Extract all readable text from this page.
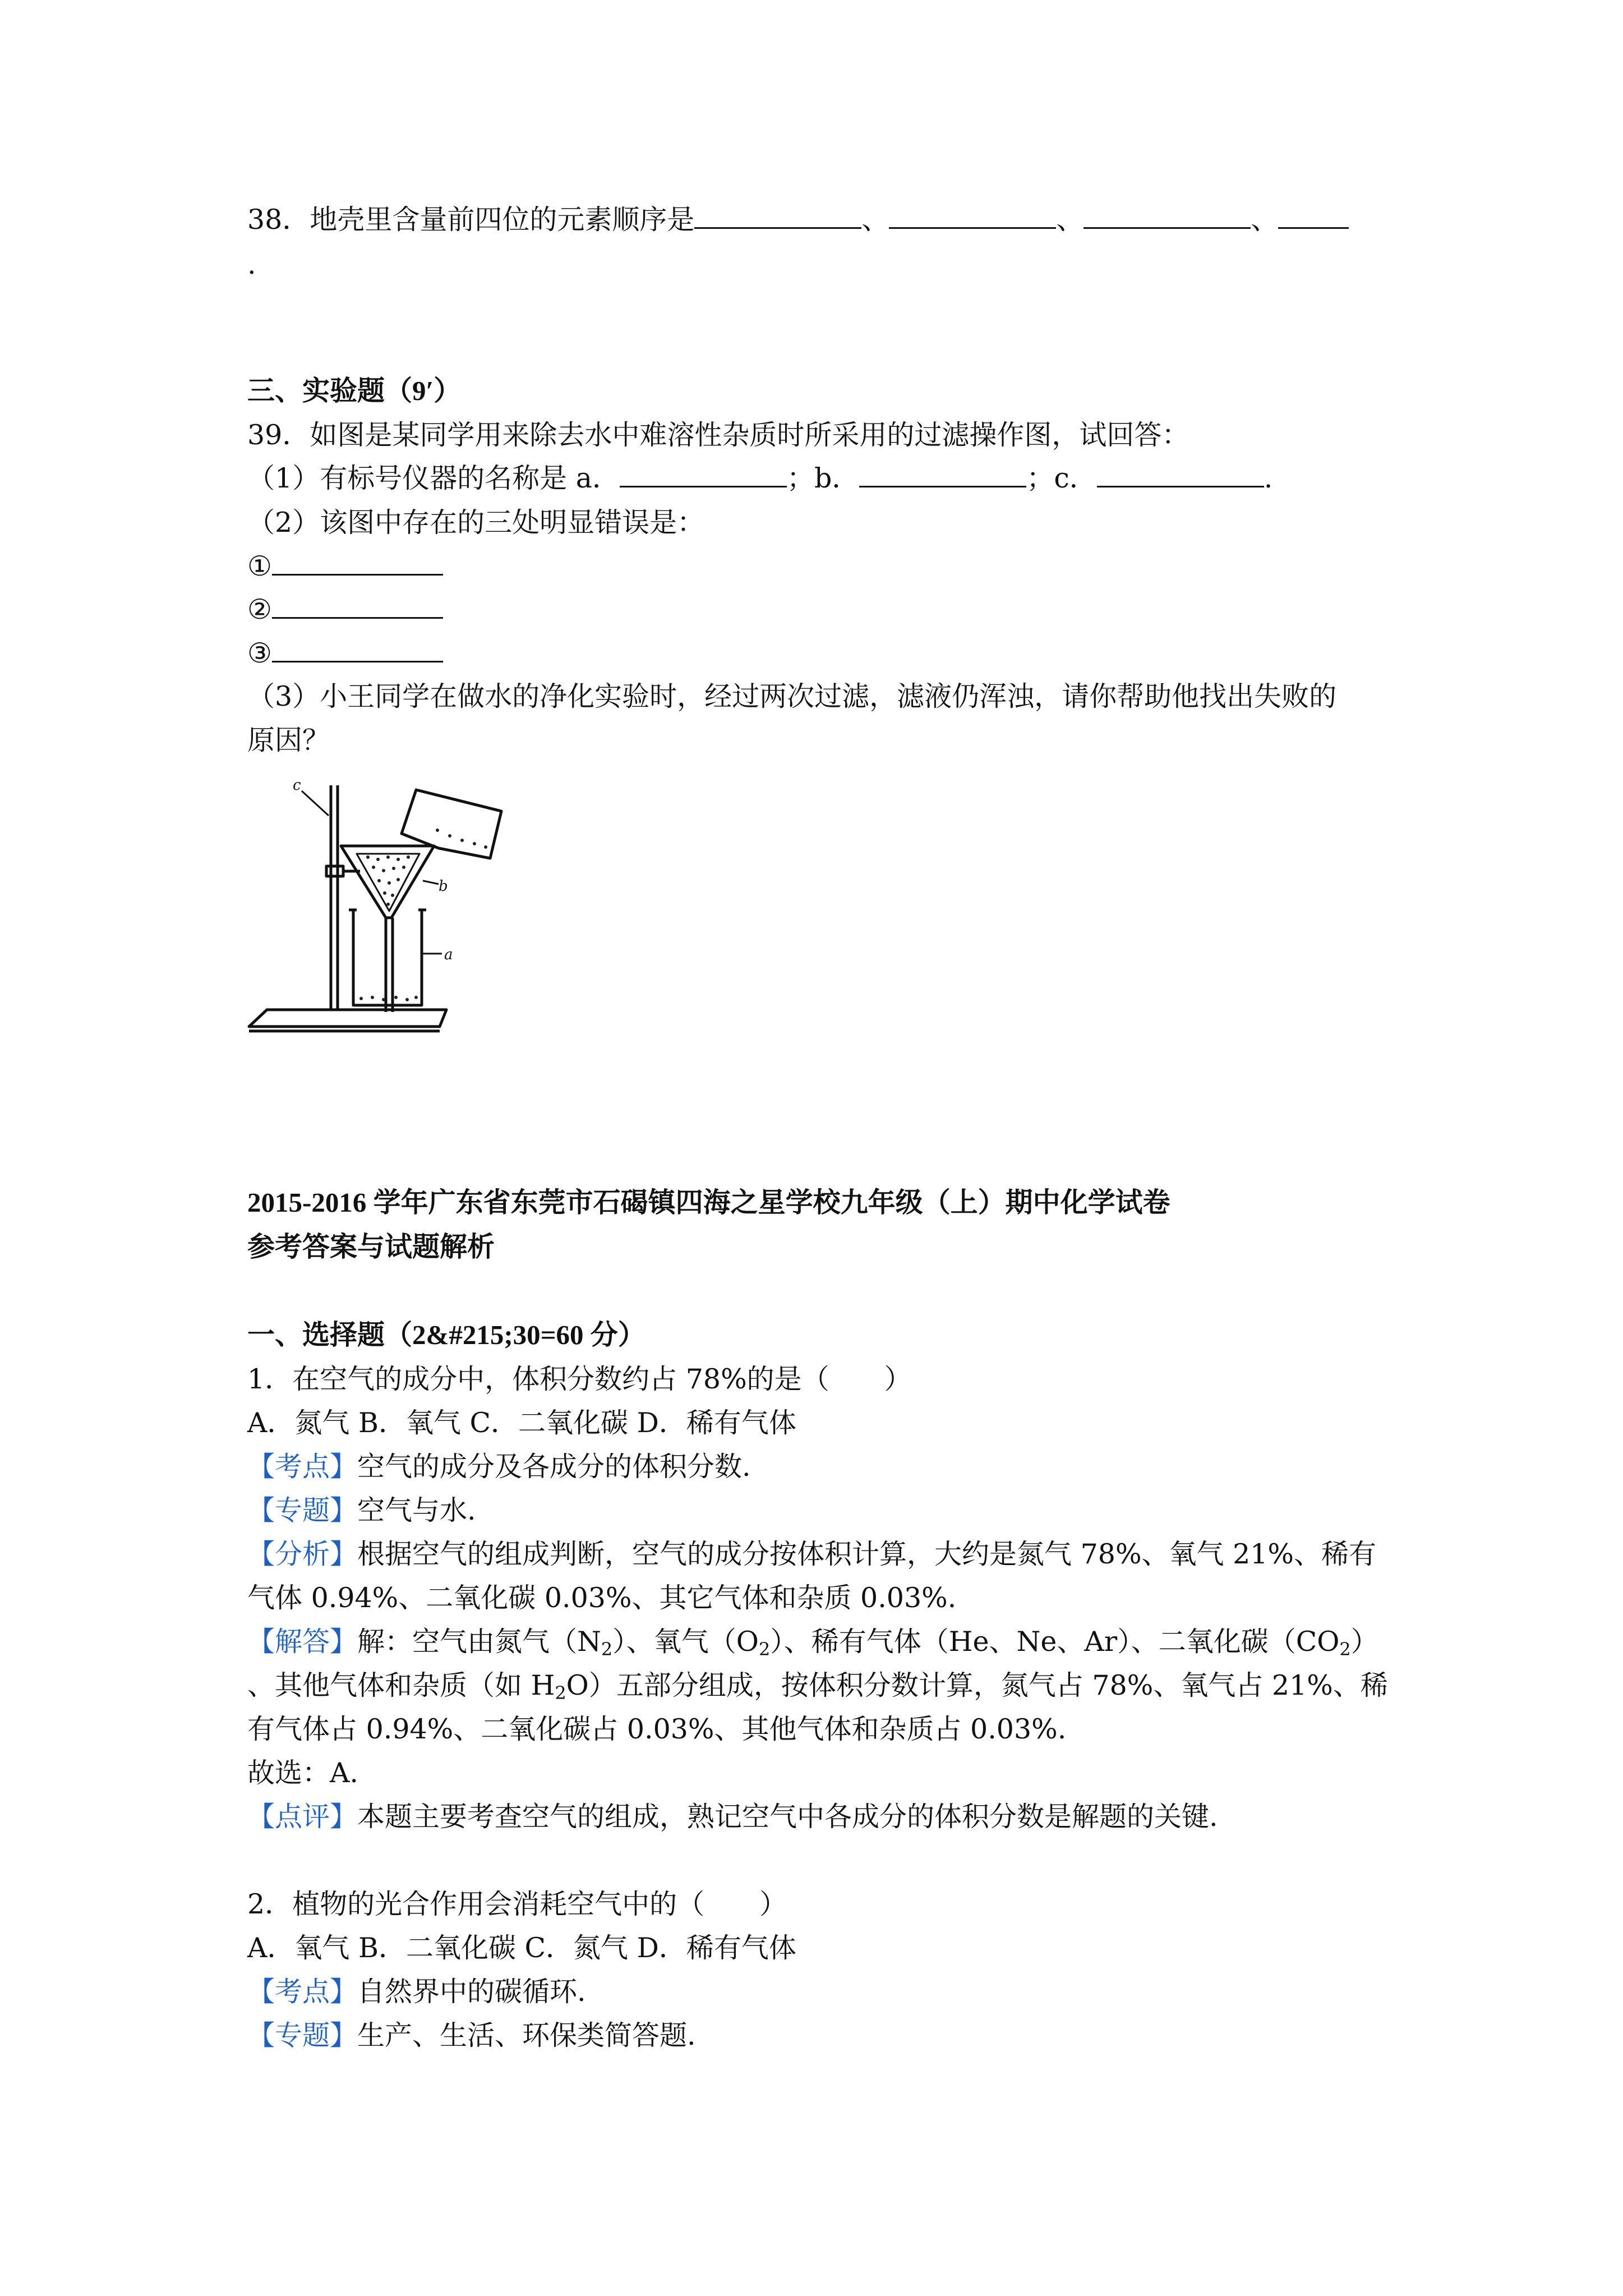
38．地壳里含量前四位的元素顺序是	、	、	、
.
三、实验题（9′）
39．如图是某同学用来除去水中难溶性杂质时所采用的过滤操作图，试回答：
（1）有标号仪器的名称是 a．	；b．	；c．	.
（2）该图中存在的三处明显错误是：
①
②
③
（3）小王同学在做水的净化实验时，经过两次过滤，滤液仍浑浊，请你帮助他找出失败的
原因？
c
b
a
2015-2016 学年广东省东莞市石碣镇四海之星学校九年级（上）期中化学试卷
参考答案与试题解析
一、选择题（2&#215;30=60 分）
1．在空气的成分中，体积分数约占 78%的是（　　）
A．氮气 B．氧气 C．二氧化碳 D．稀有气体
【考点】空气的成分及各成分的体积分数.
【专题】空气与水.
【分析】根据空气的组成判断，空气的成分按体积计算，大约是氮气 78%、氧气 21%、稀有
气体 0.94%、二氧化碳 0.03%、其它气体和杂质 0.03%.
【解答】解：空气由氮气$(N_2)$、氧气$(O_2)$、稀有气体（He、Ne、Ar）、二氧化碳$(CO_2)$
、其他气体和杂质（如 $H_2O$）五部分组成，按体积分数计算，氮气占 78%、氧气占 21%、稀
有气体占 0.94%、二氧化碳占 0.03%、其他气体和杂质占 0.03%.
故选：A.
【点评】本题主要考查空气的组成，熟记空气中各成分的体积分数是解题的关键.
2．植物的光合作用会消耗空气中的（　　）
A．氧气 B．二氧化碳 C．氮气 D．稀有气体
【考点】自然界中的碳循环.
【专题】生产、生活、环保类简答题.
